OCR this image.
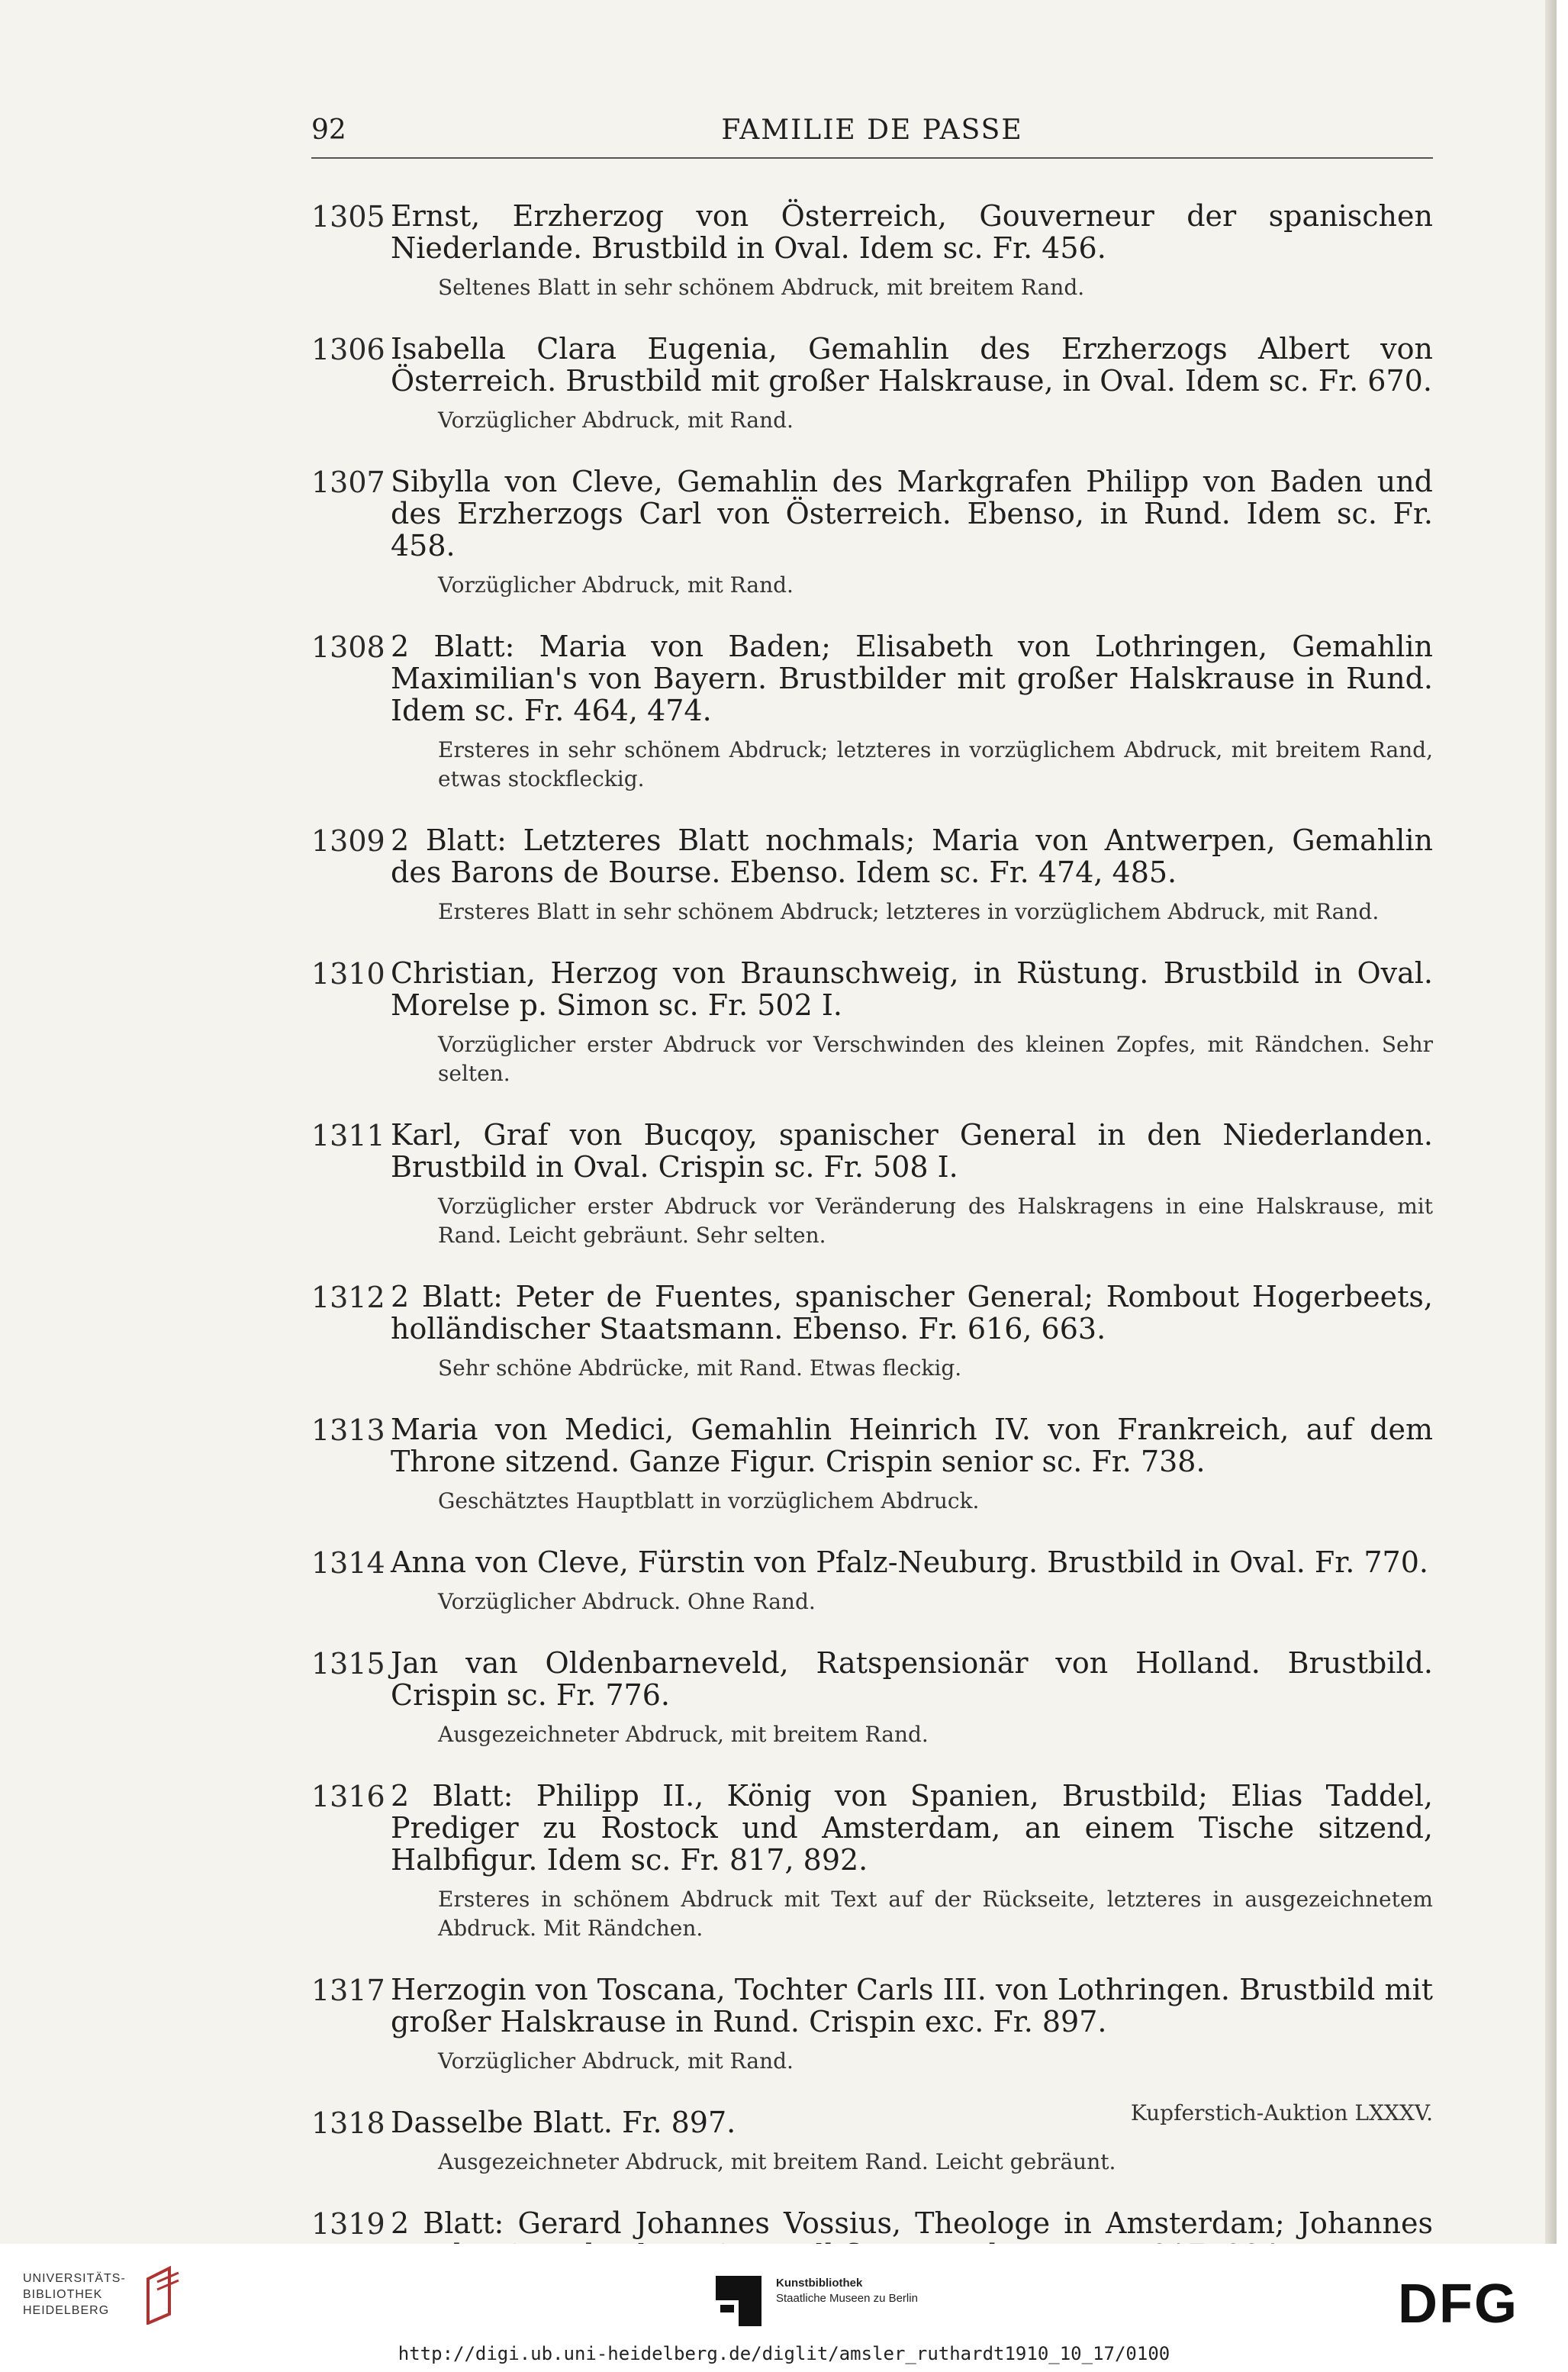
92	FAMILIE DE PASSE
1305 Ernst, Erzherzog von Österreich, Gouverneur der spanischen Niederlande. Brustbild in Oval. Idem sc. Fr. 456.
Seltenes Blatt in sehr schönem Abdruck, mit breitem Rand.
1306 Isabella Clara Eugenia, Gemahlin des Erzherzogs Albert von Österreich. Brustbild mit großer Halskrause, in Oval. Idem sc. Fr. 670.
Vorzüglicher Abdruck, mit Rand.
1307 Sibylla von Cleve, Gemahlin des Markgrafen Philipp von Baden und des Erzherzogs Carl von Österreich. Ebenso, in Rund. Idem sc. Fr. 458.
Vorzüglicher Abdruck, mit Rand.
1308 2 Blatt: Maria von Baden; Elisabeth von Lothringen, Gemahlin Maximilian's von Bayern. Brustbilder mit großer Halskrause in Rund. Idem sc. Fr. 464, 474.
Ersteres in sehr schönem Abdruck; letzteres in vorzüglichem Abdruck, mit breitem Rand, etwas stockfleckig.
1309 2 Blatt: Letzteres Blatt nochmals; Maria von Antwerpen, Gemahlin des Barons de Bourse. Ebenso. Idem sc. Fr. 474, 485.
Ersteres Blatt in sehr schönem Abdruck; letzteres in vorzüglichem Abdruck, mit Rand.
1310 Christian, Herzog von Braunschweig, in Rüstung. Brustbild in Oval. Morelse p. Simon sc. Fr. 502 I.
Vorzüglicher erster Abdruck vor Verschwinden des kleinen Zopfes, mit Rändchen. Sehr selten.
1311 Karl, Graf von Bucqoy, spanischer General in den Niederlanden. Brustbild in Oval. Crispin sc. Fr. 508 I.
Vorzüglicher erster Abdruck vor Veränderung des Halskragens in eine Halskrause, mit Rand. Leicht gebräunt. Sehr selten.
1312 2 Blatt: Peter de Fuentes, spanischer General; Rombout Hogerbeets, holländischer Staatsmann. Ebenso. Fr. 616, 663.
Sehr schöne Abdrücke, mit Rand. Etwas fleckig.
1313 Maria von Medici, Gemahlin Heinrich IV. von Frankreich, auf dem Throne sitzend. Ganze Figur. Crispin senior sc. Fr. 738.
Geschätztes Hauptblatt in vorzüglichem Abdruck.
1314 Anna von Cleve, Fürstin von Pfalz-Neuburg. Brustbild in Oval. Fr. 770.
Vorzüglicher Abdruck. Ohne Rand.
1315 Jan van Oldenbarneveld, Ratspensionär von Holland. Brustbild. Crispin sc. Fr. 776.
Ausgezeichneter Abdruck, mit breitem Rand.
1316 2 Blatt: Philipp II., König von Spanien, Brustbild; Elias Taddel, Prediger zu Rostock und Amsterdam, an einem Tische sitzend, Halbfigur. Idem sc. Fr. 817, 892.
Ersteres in schönem Abdruck mit Text auf der Rückseite, letzteres in ausgezeichnetem Abdruck. Mit Rändchen.
1317 Herzogin von Toscana, Tochter Carls III. von Lothringen. Brustbild mit großer Halskrause in Rund. Crispin exc. Fr. 897.
Vorzüglicher Abdruck, mit Rand.
1318 Dasselbe Blatt. Fr. 897.
Ausgezeichneter Abdruck, mit breitem Rand. Leicht gebräunt.
1319 2 Blatt: Gerard Johannes Vossius, Theologe in Amsterdam; Johannes
Kupferstich-Auktion LXXXV.
UNIVERSITÄTS-
BIBLIOTHEK
HEIDELBERG
Kunstbibliothek
Staatliche Museen zu Berlin	DFG
http://digi.ub.uni-heidelberg.de/diglit/amsler_ruthardt1910_10_17/0100
